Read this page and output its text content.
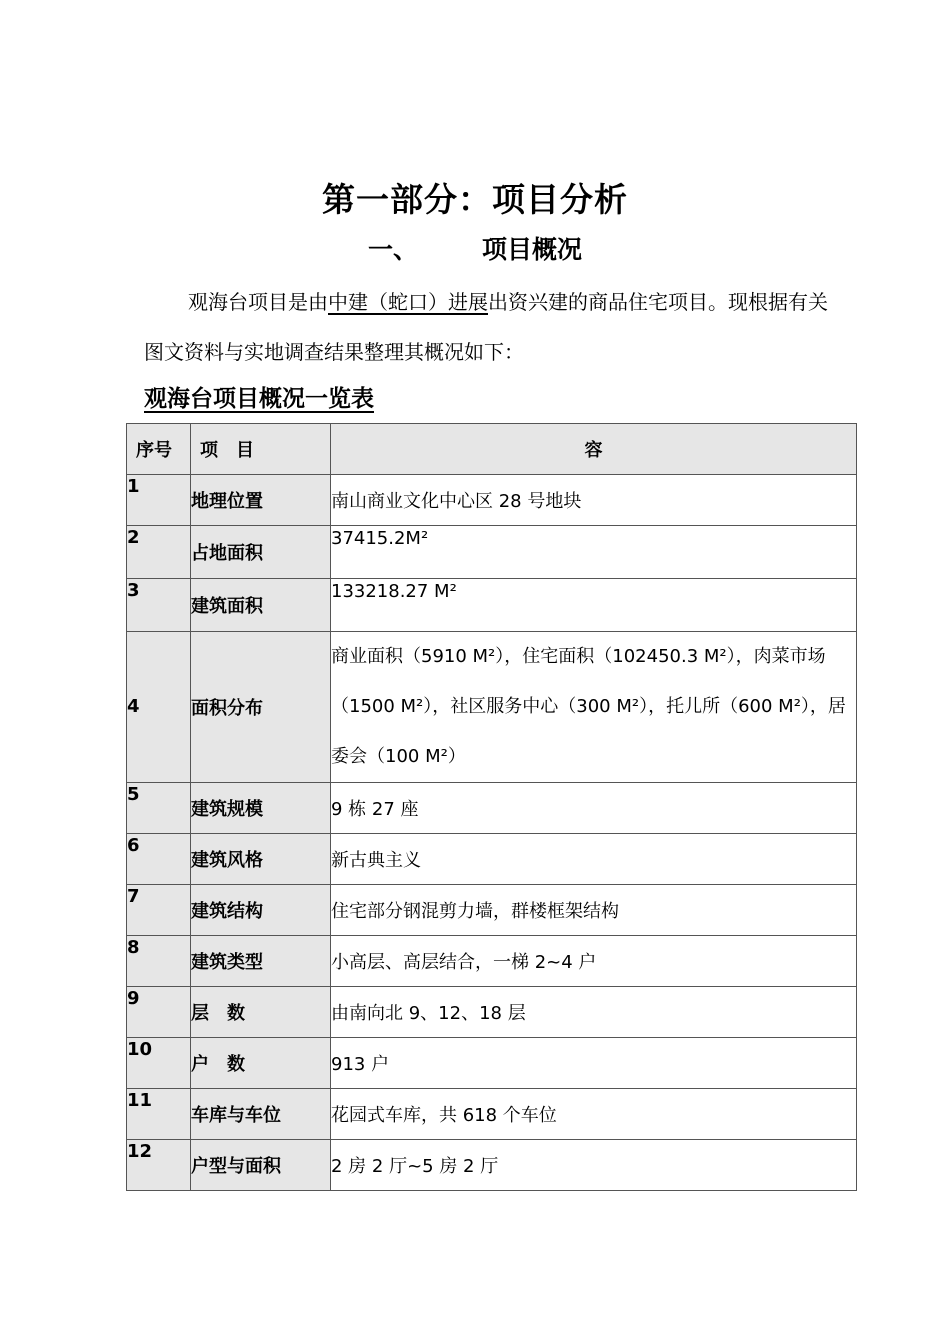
第一部分：项目分析
一、	项目概况

观海台项目是由中建（蛇口）进展出资兴建的商品住宅项目。现根据有关图文资料与实地调查结果整理其概况如下：

观海台项目概况一览表
序号	项　目	容
1	地理位置	南山商业文化中心区 28 号地块
2	占地面积	37415.2M²
3	建筑面积	133218.27 M²
4	面积分布	商业面积（5910 M²），住宅面积（102450.3 M²），肉菜市场（1500 M²），社区服务中心（300 M²），托儿所（600 M²），居委会（100 M²）
5	建筑规模	9 栋 27 座
6	建筑风格	新古典主义
7	建筑结构	住宅部分钢混剪力墙，群楼框架结构
8	建筑类型	小高层、高层结合，一梯 2~4 户
9	层　数	由南向北 9、12、18 层
10	户　数	913 户
11	车库与车位	花园式车库，共 618 个车位
12	户型与面积	2 房 2 厅~5 房 2 厅
